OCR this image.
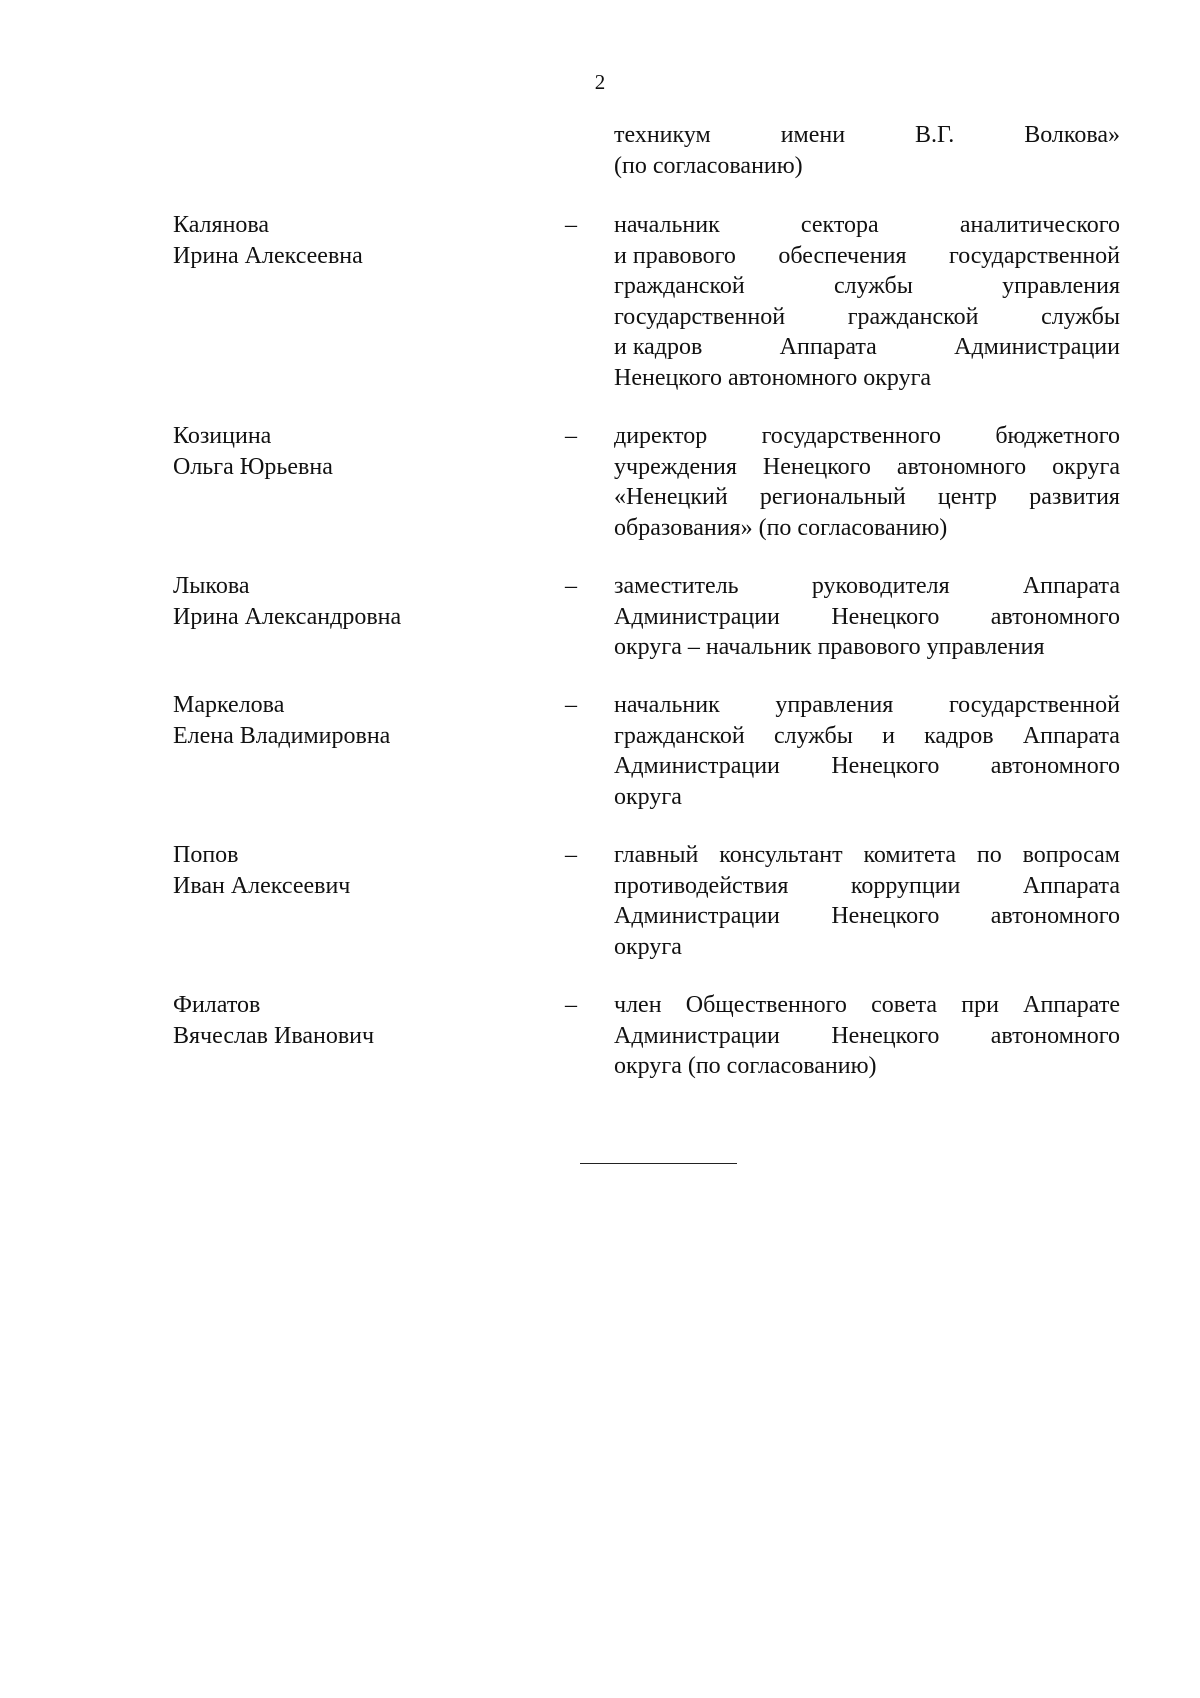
2
техникум	имени	В.Г.	Волкова»
(по согласованию)
Калянова
Ирина Алексеевна
– начальник	сектора	аналитического
и правового обеспечения государственной
гражданской	службы	управления
государственной	гражданской	службы
и кадров	Аппарата	Администрации
Ненецкого автономного округа
Козицина
Ольга Юрьевна
– директор государственного бюджетного
учреждения Ненецкого автономного округа
«Ненецкий региональный центр развития
образования» (по согласованию)
Лыкова
Ирина Александровна
– заместитель	руководителя	Аппарата
Администрации Ненецкого автономного
округа – начальник правового управления
Маркелова
Елена Владимировна
– начальник управления государственной
гражданской службы и кадров Аппарата
Администрации Ненецкого автономного
округа
Попов
Иван Алексеевич
– главный консультант комитета по вопросам
противодействия	коррупции	Аппарата
Администрации Ненецкого автономного
округа
Филатов
Вячеслав Иванович
– член Общественного совета при Аппарате
Администрации Ненецкого автономного
округа (по согласованию)
